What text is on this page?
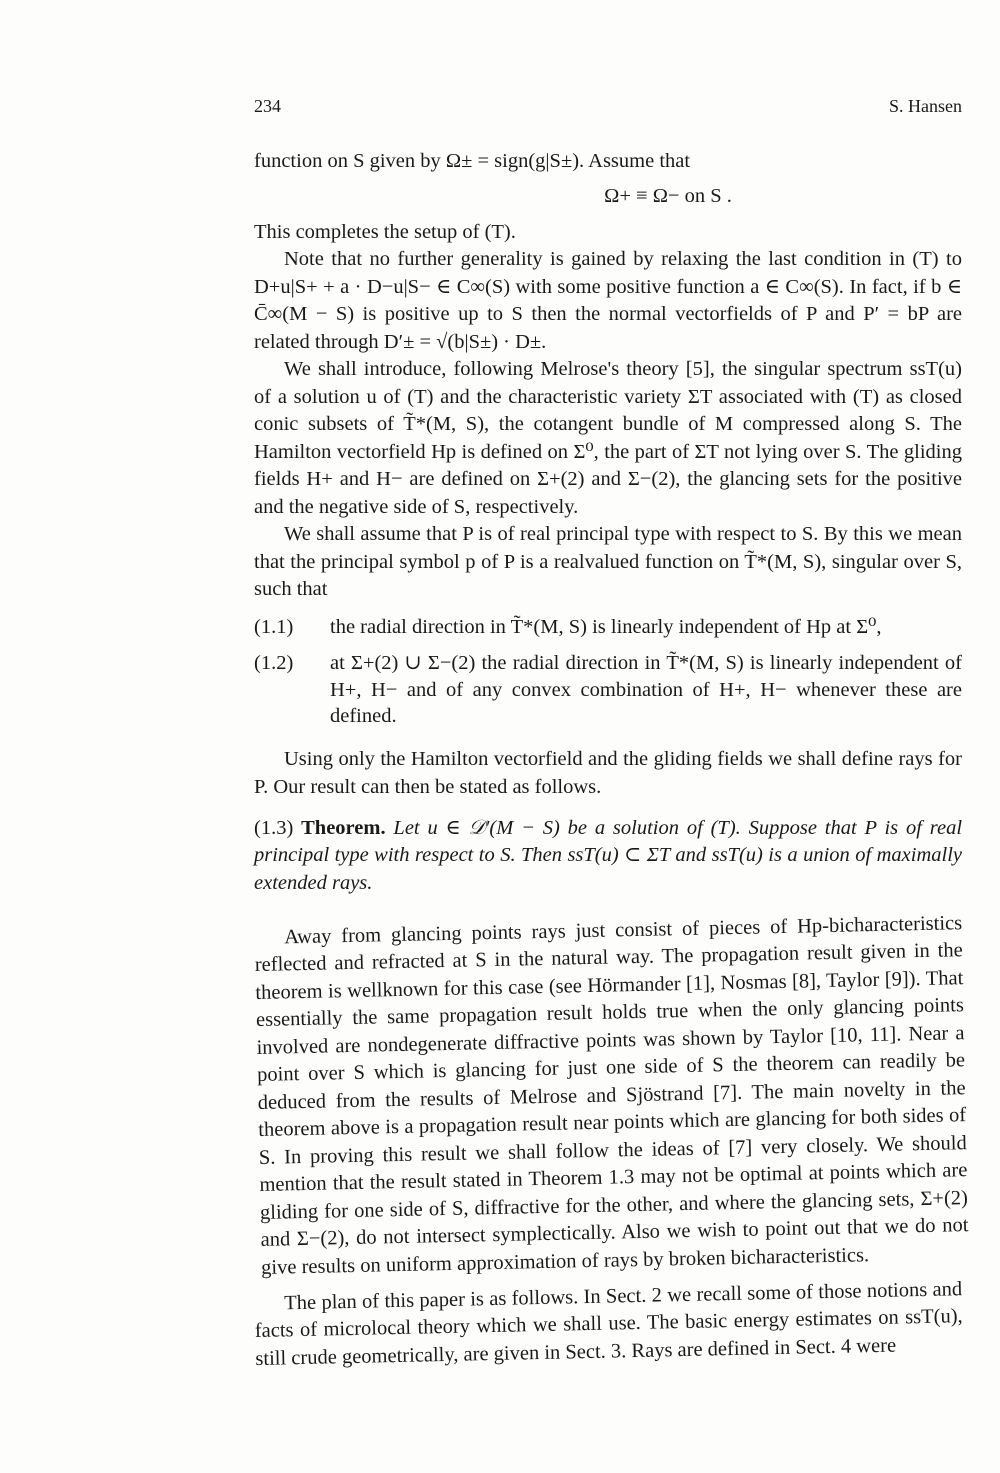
234	S. Hansen

function on S given by Ω± = sign(g|S±). Assume that

Ω+ ≡ Ω− on S .

This completes the setup of (T).

Note that no further generality is gained by relaxing the last condition in (T) to D+u|S+ + a · D−u|S− ∈ C∞(S) with some positive function a ∈ C∞(S). In fact, if b ∈ C̄∞(M − S) is positive up to S then the normal vectorfields of P and P′ = bP are related through D′± = √(b|S±) · D±.

We shall introduce, following Melrose's theory [5], the singular spectrum ssT(u) of a solution u of (T) and the characteristic variety ΣT associated with (T) as closed conic subsets of T̃*(M, S), the cotangent bundle of M compressed along S. The Hamilton vectorfield Hp is defined on Σ⁰, the part of ΣT not lying over S. The gliding fields H+ and H− are defined on Σ+(2) and Σ−(2), the glancing sets for the positive and the negative side of S, respectively.

We shall assume that P is of real principal type with respect to S. By this we mean that the principal symbol p of P is a realvalued function on T̃*(M, S), singular over S, such that

(1.1)	the radial direction in T̃*(M, S) is linearly independent of Hp at Σ⁰,
(1.2)	at Σ+(2) ∪ Σ−(2) the radial direction in T̃*(M, S) is linearly independent of H+, H− and of any convex combination of H+, H− whenever these are defined.

Using only the Hamilton vectorfield and the gliding fields we shall define rays for P. Our result can then be stated as follows.

(1.3) Theorem. Let u ∈ 𝒟′(M − S) be a solution of (T). Suppose that P is of real principal type with respect to S. Then ssT(u) ⊂ ΣT and ssT(u) is a union of maximally extended rays.

Away from glancing points rays just consist of pieces of Hp-bicharacteristics reflected and refracted at S in the natural way. The propagation result given in the theorem is wellknown for this case (see Hörmander [1], Nosmas [8], Taylor [9]). That essentially the same propagation result holds true when the only glancing points involved are nondegenerate diffractive points was shown by Taylor [10, 11]. Near a point over S which is glancing for just one side of S the theorem can readily be deduced from the results of Melrose and Sjöstrand [7]. The main novelty in the theorem above is a propagation result near points which are glancing for both sides of S. In proving this result we shall follow the ideas of [7] very closely. We should mention that the result stated in Theorem 1.3 may not be optimal at points which are gliding for one side of S, diffractive for the other, and where the glancing sets, Σ+(2) and Σ−(2), do not intersect symplectically. Also we wish to point out that we do not give results on uniform approximation of rays by broken bicharacteristics.

The plan of this paper is as follows. In Sect. 2 we recall some of those notions and facts of microlocal theory which we shall use. The basic energy estimates on ssT(u), still crude geometrically, are given in Sect. 3. Rays are defined in Sect. 4 were
